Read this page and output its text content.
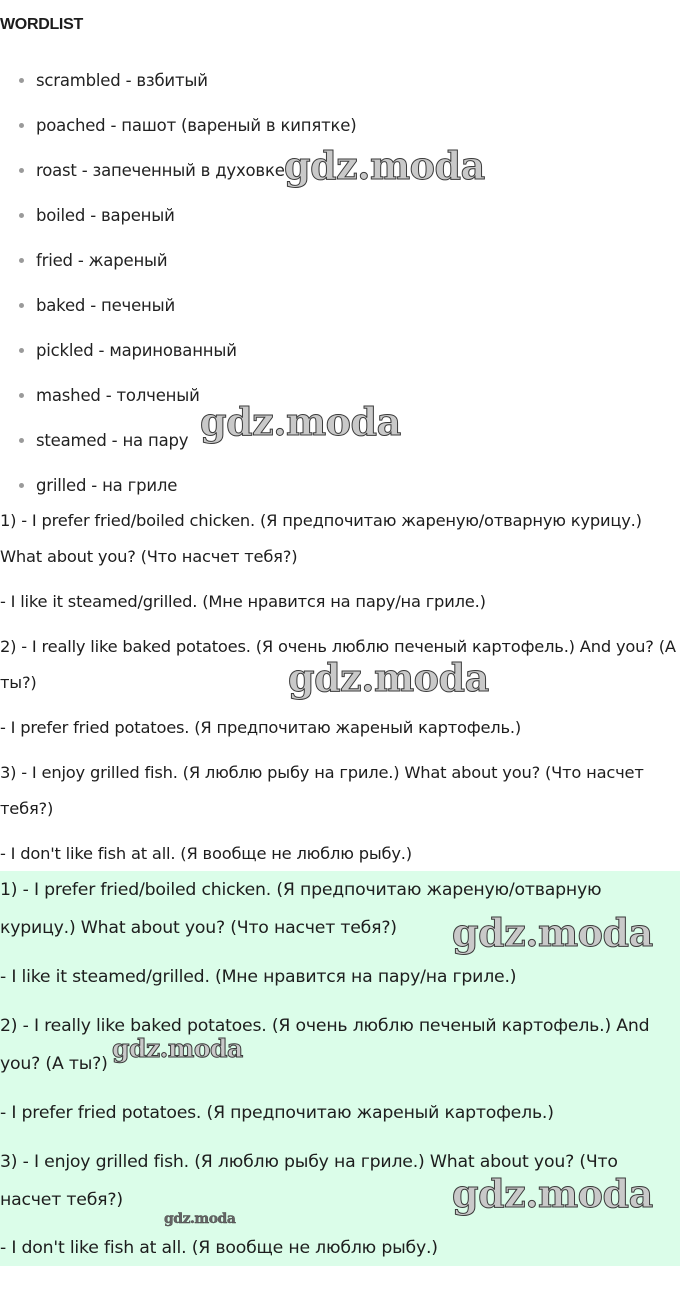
WORDLIST
scrambled - взбитый
poached - пашот (вареный в кипятке)
roast - запеченный в духовке
boiled - вареный
fried - жареный
baked - печеный
pickled - маринованный
mashed - толченый
steamed - на пару
grilled - на гриле

1) - I prefer fried/boiled chicken. (Я предпочитаю жареную/отварную курицу.)

What about you? (Что насчет тебя?)

- I like it steamed/grilled. (Мне нравится на пару/на гриле.)

2) - I really like baked potatoes. (Я очень люблю печеный картофель.) And you? (А

ты?)

- I prefer fried potatoes. (Я предпочитаю жареный картофель.)

3) - I enjoy grilled fish. (Я люблю рыбу на гриле.) What about you? (Что насчет

тебя?)

- I don't like fish at all. (Я вообще не люблю рыбу.)

1) - I prefer fried/boiled chicken. (Я предпочитаю жареную/отварную

курицу.) What about you? (Что насчет тебя?)

- I like it steamed/grilled. (Мне нравится на пару/на гриле.)

2) - I really like baked potatoes. (Я очень люблю печеный картофель.) And

you? (А ты?)

- I prefer fried potatoes. (Я предпочитаю жареный картофель.)

3) - I enjoy grilled fish. (Я люблю рыбу на гриле.) What about you? (Что

насчет тебя?)

- I don't like fish at all. (Я вообще не люблю рыбу.)

gdz.moda
gdz.moda
gdz.moda
gdz.moda
gdz.moda
gdz.moda
gdz.moda
